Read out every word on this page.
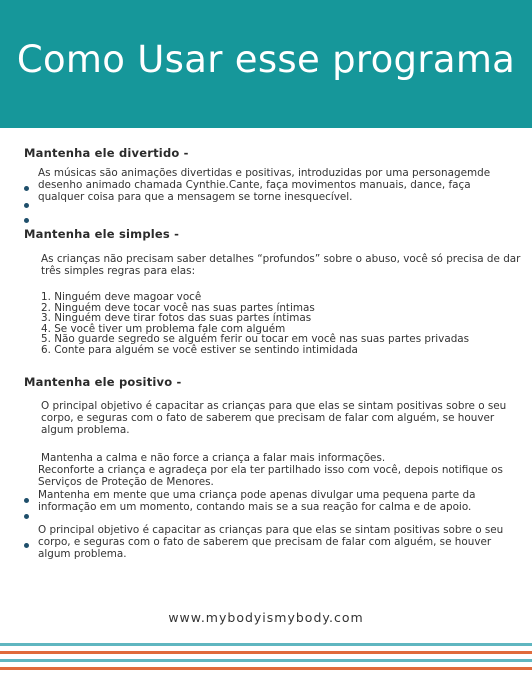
Como Usar esse programa
Mantenha ele divertido -

As músicas são animações divertidas e positivas, introduzidas por uma personagemde desenho animado chamada Cynthie.Cante, faça movimentos manuais, dance, faça qualquer coisa para que a mensagem se torne inesquecível.

Mantenha ele simples -

As crianças não precisam saber detalhes “profundos” sobre o abuso, você só precisa de dar três simples regras para elas:

1. Ninguém deve magoar você
2. Ninguém deve tocar você nas suas partes íntimas
3. Ninguém deve tirar fotos das suas partes íntimas
4. Se você tiver um problema fale com alguém
5. Não guarde segredo se alguém ferir ou tocar em você nas suas partes privadas
6. Conte para alguém se você estiver se sentindo intimidada
Mantenha ele positivo -

O principal objetivo é capacitar as crianças para que elas se sintam positivas sobre o seu corpo, e seguras com o fato de saberem que precisam de falar com alguém, se houver algum problema.

Mantenha a calma e não force a criança a falar mais informações.

Reconforte a criança e agradeça por ela ter partilhado isso com você, depois notifique os Serviços de Proteção de Menores.

Mantenha em mente que uma criança pode apenas divulgar uma pequena parte da informação em um momento, contando mais se a sua reação for calma e de apoio.

O principal objetivo é capacitar as crianças para que elas se sintam positivas sobre o seu corpo, e seguras com o fato de saberem que precisam de falar com alguém, se houver algum problema.

www.mybodyismybody.com
